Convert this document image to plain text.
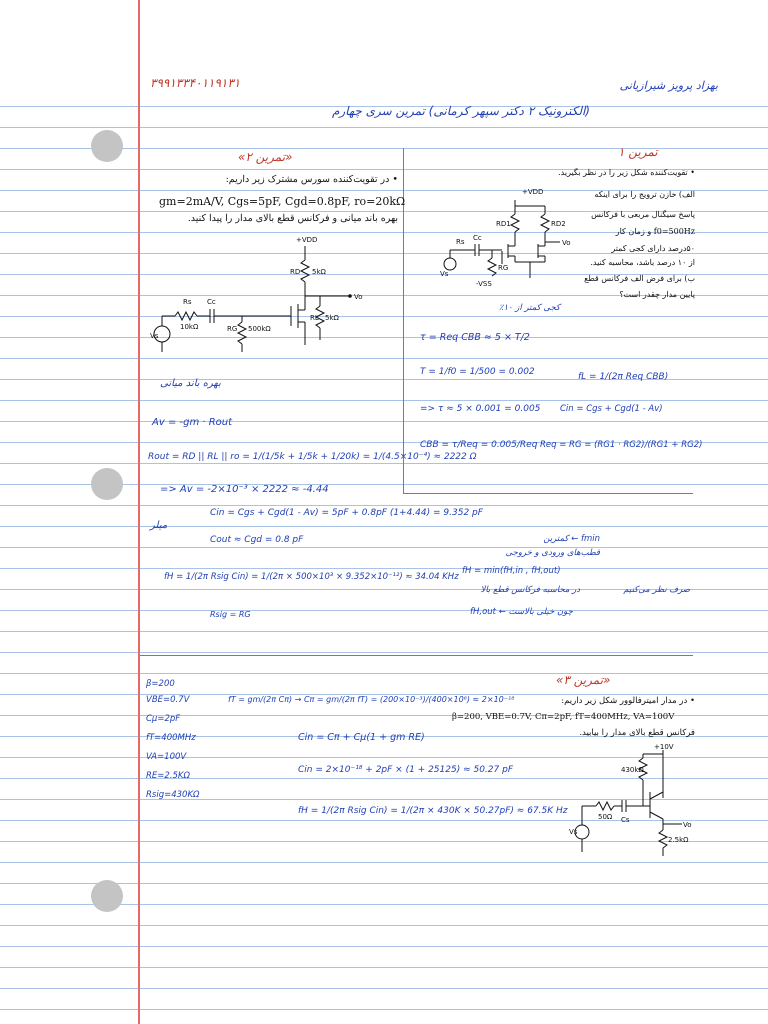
۳۹۹۱۳۳۴۰۱۱۹۱۳۱	بهزاد پرویز شیرازیانی
(الکترونیک ۲ دکتر سپهر کرمانی) تمرین سری چهارم
«تمرین ۲»
• در تقویت‌کننده سورس مشترک زیر داریم:
gm=2mA/V, Cgs=5pF, Cgd=0.8pF, ro=20kΩ
بهره باند میانی و فرکانس قطع بالای مدار را پیدا کنید.
+VDD
5kΩ
RD
Rs
10kΩ
Cc
RG 500kΩ
Vo
5kΩ
RL
Vs
بهره باند میانی
Av = -gm · Rout
Rout = RD || RL || ro = 1/(1/5k + 1/5k + 1/20k) = 1/(4.5×10⁻⁴) ≈ 2222 Ω
=> Av = -2×10⁻³ × 2222 ≈ -4.44
میلر
Cin = Cgs + Cgd(1 - Av) = 5pF + 0.8pF (1+4.44) = 9.352 pF
Cout ≈ Cgd = 0.8 pF
fH = 1/(2π Rsig Cin) = 1/(2π × 500×10³ × 9.352×10⁻¹²) ≈ 34.04 KHz
Rsig = RG
fmin ← کمترین
قطب‌های ورودی و خروجی
fH = min(fH,in , fH,out)
در محاسبه فرکانس قطع بالا
fH,out ← چون خیلی بالاست
صرف نظر می‌کنیم
تمرین ۱
• تقویت‌کننده شکل زیر را در نظر بگیرید.
الف) خازن ترویج را برای اینکه
پاسخ سیگنال مربعی با فرکانس
f0=500Hz و زمان کار
۵۰درصد دارای کجی کمتر
از ۱۰ درصد باشد، محاسبه کنید.
ب) برای فرض الف فرکانس قطع
پایین مدار چقدر است؟
+VDD
RD1	RD2
Rs Cc
Vo
Vs
-VSS
RG
کجی کمتر از ۱۰٪
τ = Req CBB ≈ 5 × T/2
T = 1/f0 = 1/500 = 0.002	fL = 1/(2π Req CBB)
=> τ ≈ 5 × 0.001 = 0.005
CBB = τ/Req = 0.005/Req
Cin = Cgs + Cgd(1 - Av)
Req = RG = (RG1 · RG2)/(RG1 + RG2)
«تمرین ۳»
• در مدار امیترفالوور شکل زیر داریم:
β=200, VBE=0.7V, Cπ=2pF, fT=400MHz, VA=100V
فرکانس قطع بالای مدار را بیابید.
β=200
VBE=0.7V
Cμ=2pF
fT=400MHz
VA=100V
RE=2.5KΩ
Rsig=430KΩ
fT = gm/(2π Cπ) → Cπ = gm/(2π fT) = (200×10⁻³)/(400×10⁶) ≈ 2×10⁻¹⁸
Cin = Cπ + Cμ(1 + gm RE)
Cin = 2×10⁻¹⁸ + 2pF × (1 + 25125) ≈ 50.27 pF
fH = 1/(2π Rsig Cin) = 1/(2π × 430K × 50.27pF) ≈ 67.5K Hz
+10V
430kΩ
50Ω Cs
Vo
Vs
2.5kΩ
